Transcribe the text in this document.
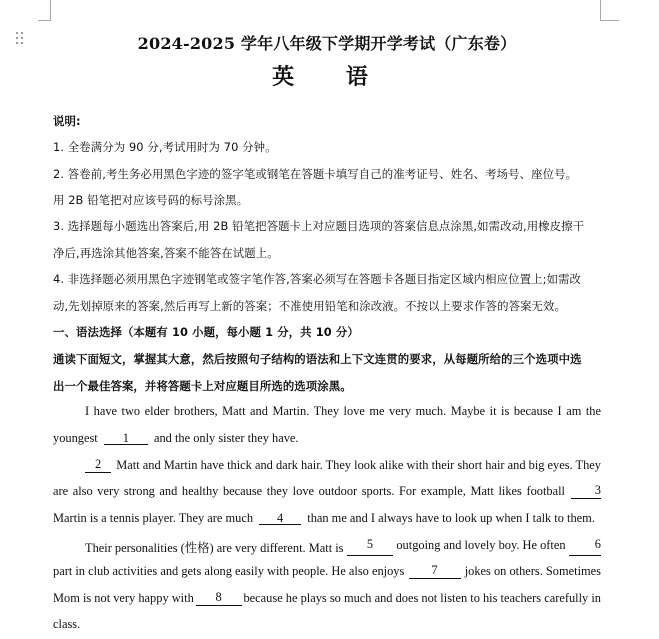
2024-2025 学年八年级下学期开学考试（广东卷）
英 语
说明:
1. 全卷满分为 90 分,考试用时为 70 分钟。
2. 答卷前,考生务必用黑色字迹的签字笔或钢笔在答题卡填写自己的准考证号、姓名、考场号、座位号。
用 2B 铅笔把对应该号码的标号涂黑。
3. 选择题每小题选出答案后,用 2B 铅笔把答题卡上对应题目选项的答案信息点涂黑,如需改动,用橡皮擦干
净后,再选涂其他答案,答案不能答在试题上。
4. 非选择题必须用黑色字迹钢笔或签字笔作答,答案必须写在答题卡各题目指定区域内相应位置上;如需改
动,先划掉原来的答案,然后再写上新的答案；不准使用铅笔和涂改液。不按以上要求作答的答案无效。
一、语法选择（本题有 10 小题，每小题 1 分，共 10 分）
通读下面短文，掌握其大意，然后按照句子结构的语法和上下文连贯的要求，从每题所给的三个选项中选
出一个最佳答案，并将答题卡上对应题目所选的选项涂黑。
I have two elder brothers, Matt and Martin. They love me very much. Maybe it is because I am the
youngest 1 and the only sister they have.
2	Matt and Martin have thick and dark hair. They look alike with their short hair and big eyes. They
are also very strong and healthy because they love outdoor sports. For example, Matt likes football	3
Martin is a tennis player. They are much 4 than me and I always have to look up when I talk to them.
Their personalities (性格) are very different. Matt is	5	outgoing and lovely boy. He often	6
part in club activities and gets along easily with people. He also enjoys	7	jokes on others. Sometimes
Mom is not very happy with	8	because he plays so much and does not listen to his teachers carefully in
class.
